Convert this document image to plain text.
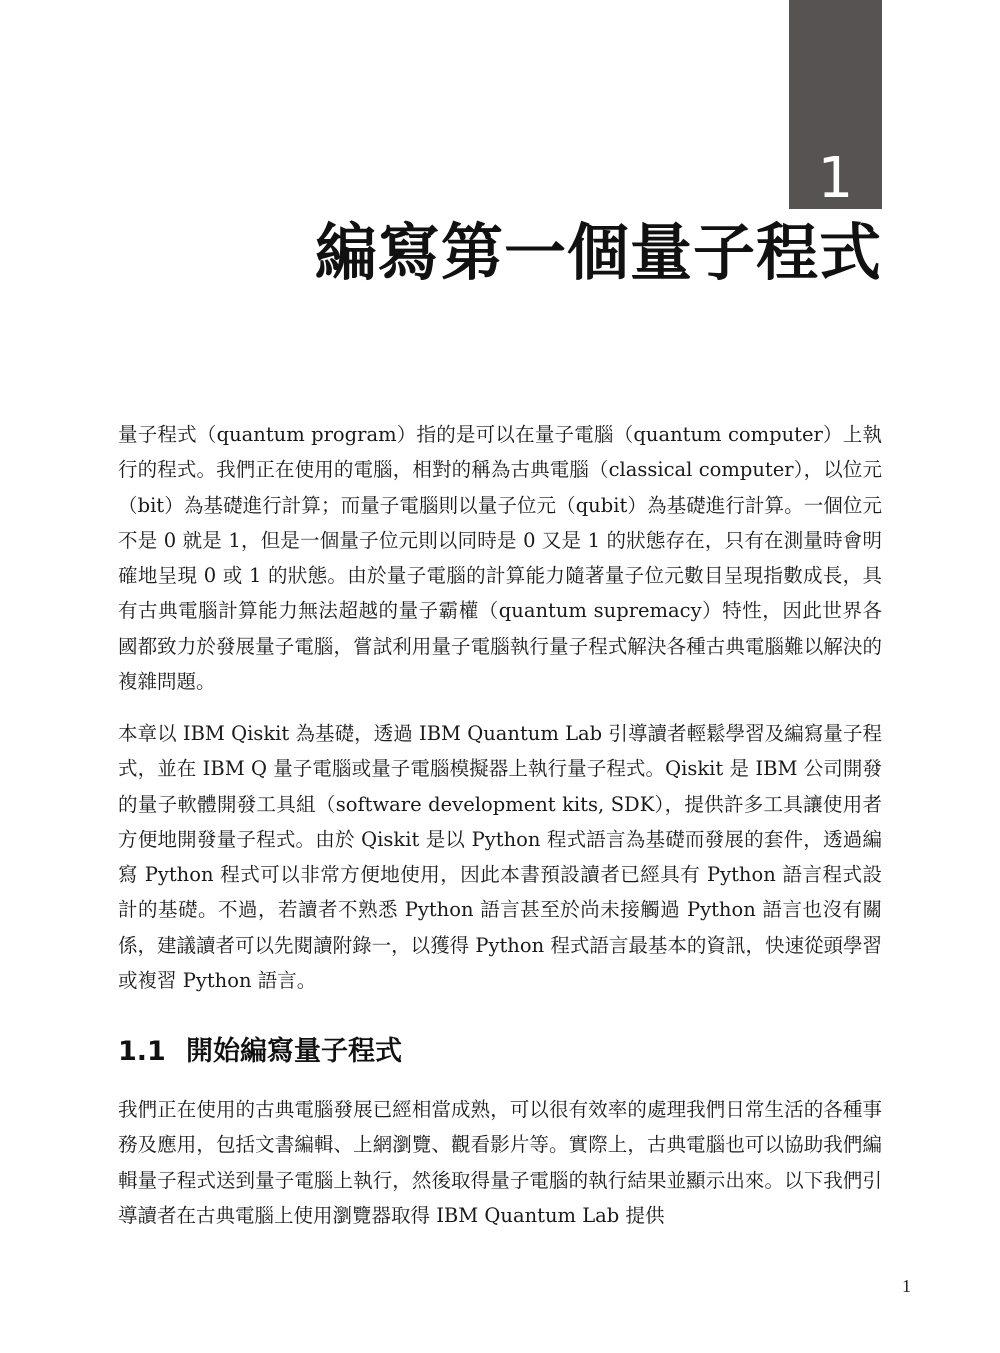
1
編寫第一個量子程式

量子程式（quantum program）指的是可以在量子電腦（quantum computer）上執行的程式。我們正在使用的電腦，相對的稱為古典電腦（classical computer），以位元（bit）為基礎進行計算；而量子電腦則以量子位元（qubit）為基礎進行計算。一個位元不是 0 就是 1，但是一個量子位元則以同時是 0 又是 1 的狀態存在，只有在測量時會明確地呈現 0 或 1 的狀態。由於量子電腦的計算能力隨著量子位元數目呈現指數成長，具有古典電腦計算能力無法超越的量子霸權（quantum supremacy）特性，因此世界各國都致力於發展量子電腦，嘗試利用量子電腦執行量子程式解決各種古典電腦難以解決的複雜問題。

本章以 IBM Qiskit 為基礎，透過 IBM Quantum Lab 引導讀者輕鬆學習及編寫量子程式，並在 IBM Q 量子電腦或量子電腦模擬器上執行量子程式。Qiskit 是 IBM 公司開發的量子軟體開發工具組（software development kits, SDK），提供許多工具讓使用者方便地開發量子程式。由於 Qiskit 是以 Python 程式語言為基礎而發展的套件，透過編寫 Python 程式可以非常方便地使用，因此本書預設讀者已經具有 Python 語言程式設計的基礎。不過，若讀者不熟悉 Python 語言甚至於尚未接觸過 Python 語言也沒有關係，建議讀者可以先閱讀附錄一，以獲得 Python 程式語言最基本的資訊，快速從頭學習或複習 Python 語言。

1.1 開始編寫量子程式

我們正在使用的古典電腦發展已經相當成熟，可以很有效率的處理我們日常生活的各種事務及應用，包括文書編輯、上網瀏覽、觀看影片等。實際上，古典電腦也可以協助我們編輯量子程式送到量子電腦上執行，然後取得量子電腦的執行結果並顯示出來。以下我們引導讀者在古典電腦上使用瀏覽器取得 IBM Quantum Lab 提供

1
